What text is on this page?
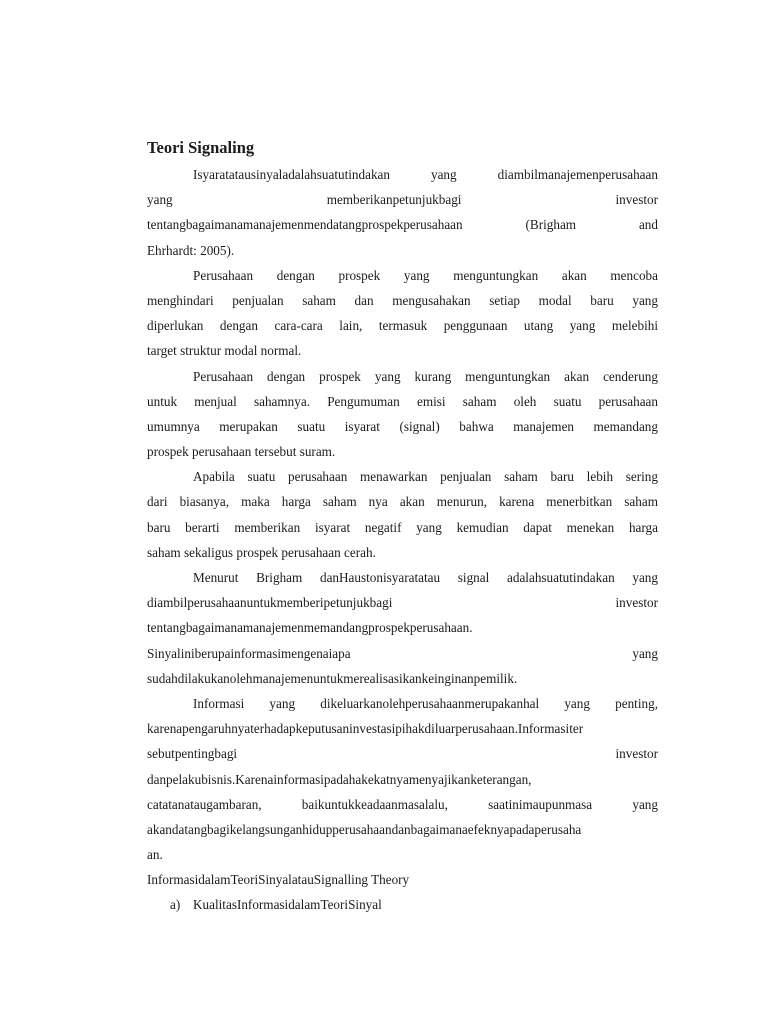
Teori Signaling
Isyaratatausinyaladalahsuatutindakan yang diambilmanajemenperusahaan
yang memberikanpetunjukbagi investor
tentangbagaimanamanajemenmendatangprospekperusahaan (Brigham and
Ehrhardt: 2005).
Perusahaan dengan prospek yang menguntungkan akan mencoba
menghindari penjualan saham dan mengusahakan setiap modal baru yang
diperlukan dengan cara-cara lain, termasuk penggunaan utang yang melebihi
target struktur modal normal.
Perusahaan dengan prospek yang kurang menguntungkan akan cenderung
untuk menjual sahamnya. Pengumuman emisi saham oleh suatu perusahaan
umumnya merupakan suatu isyarat (signal) bahwa manajemen memandang
prospek perusahaan tersebut suram.
Apabila suatu perusahaan menawarkan penjualan saham baru lebih sering
dari biasanya, maka harga saham nya akan menurun, karena menerbitkan saham
baru berarti memberikan isyarat negatif yang kemudian dapat menekan harga
saham sekaligus prospek perusahaan cerah.
Menurut Brigham danHaustonisyaratatau signal adalahsuatutindakan yang
diambilperusahaanuntukmemberipetunjukbagi investor
tentangbagaimanamanajemenmemandangprospekperusahaan.
Sinyaliniberupainformasimengenaiapa yang
sudahdilakukanolehmanajemenuntukmerealisasikankeinginanpemilik.
Informasi yang dikeluarkanolehperusahaanmerupakanhal yang penting,
karenapengaruhnyaterhadapkeputusaninvestasipihakdiluarperusahaan.Informasiter
sebutpentingbagi investor
danpelakubisnis.Karenainformasipadahakekatnyamenyajikanketerangan,
catatanataugambaran, baikuntukkeadaanmasalalu, saatinimaupunmasa yang
akandatangbagikelangsunganhidupperusahaandanbagaimanaefeknyapadaperusaha
an.
InformasidalamTeoriSinyalatauSignalling Theory
a) KualitasInformasidalamTeoriSinyal
